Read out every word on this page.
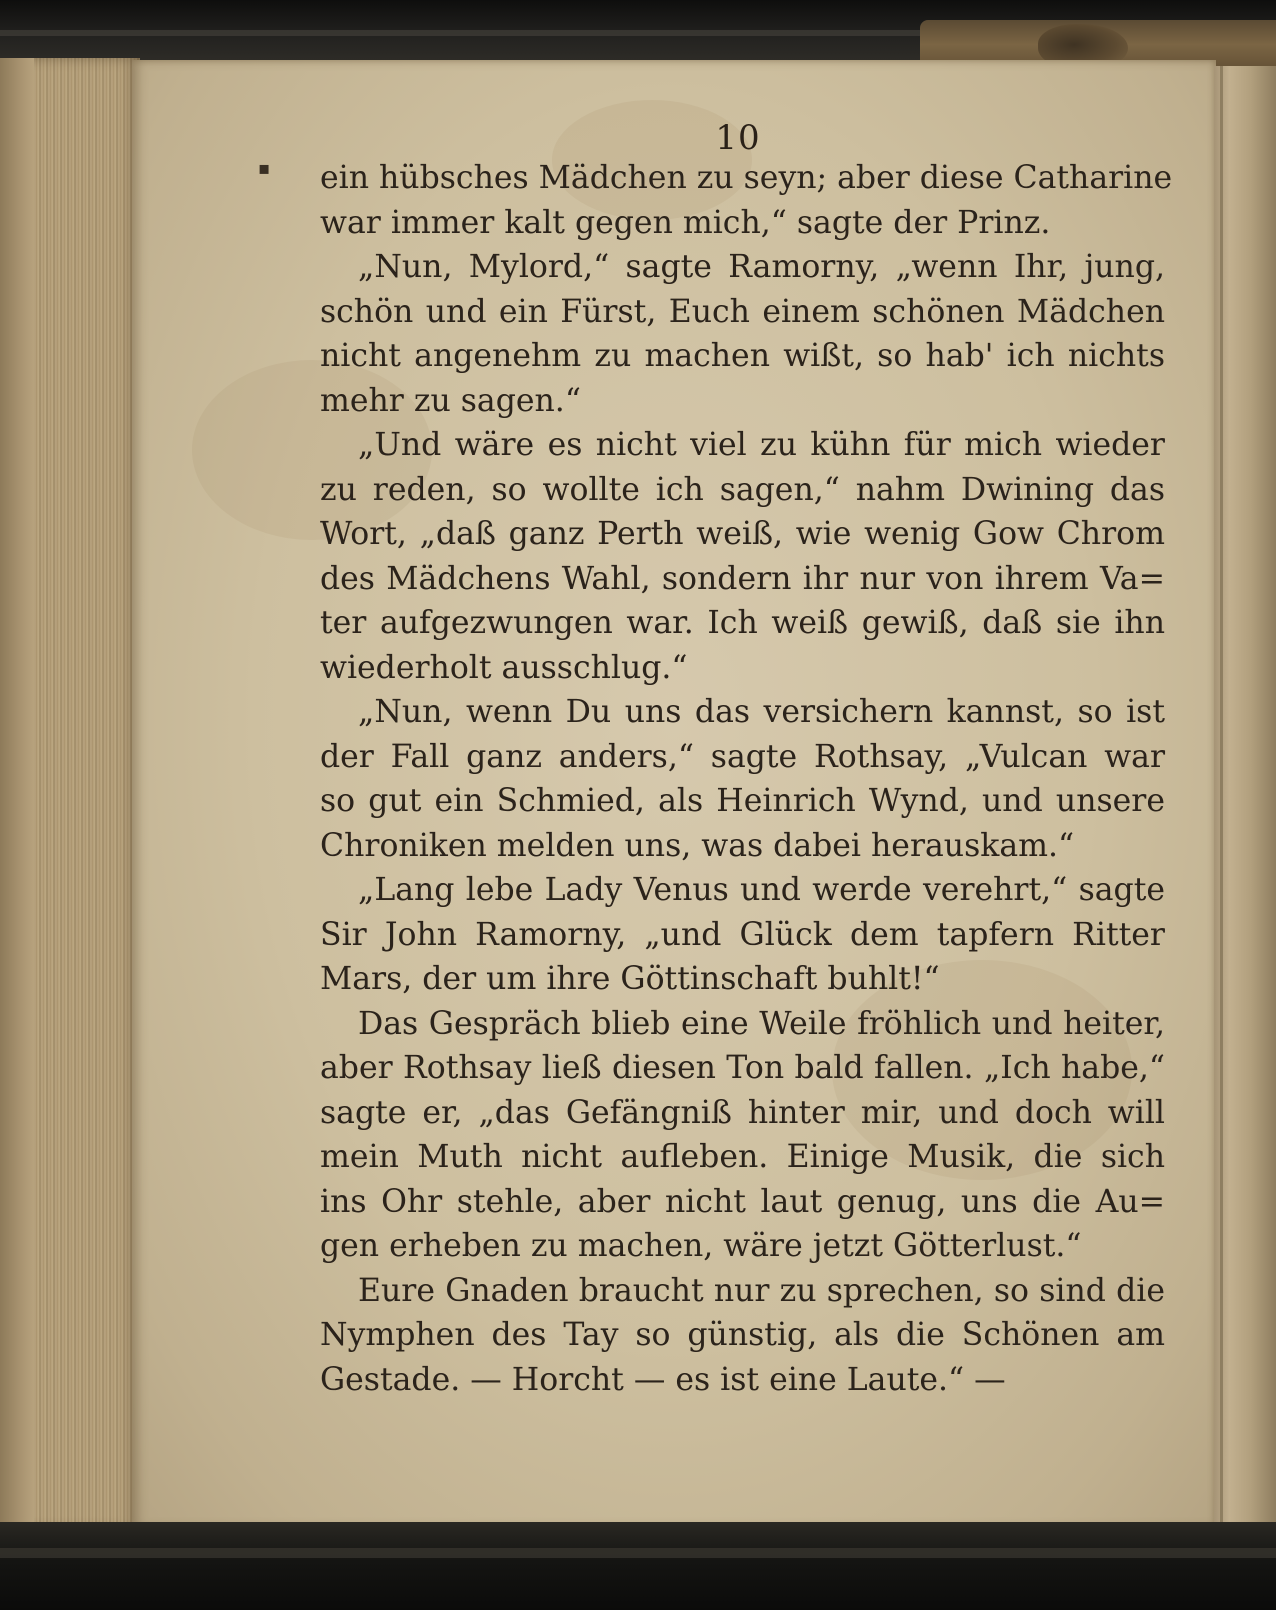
▪
10
ein hübsches Mädchen zu seyn; aber diese Catharine
war immer kalt gegen mich,“ sagte der Prinz.
„Nun, Mylord,“ sagte Ramorny, „wenn Ihr, jung,
schön und ein Fürst, Euch einem schönen Mädchen
nicht angenehm zu machen wißt, so hab' ich nichts
mehr zu sagen.“
„Und wäre es nicht viel zu kühn für mich wieder
zu reden, so wollte ich sagen,“ nahm Dwining das
Wort, „daß ganz Perth weiß, wie wenig Gow Chrom
des Mädchens Wahl, sondern ihr nur von ihrem Va=
ter aufgezwungen war. Ich weiß gewiß, daß sie ihn
wiederholt ausschlug.“
„Nun, wenn Du uns das versichern kannst, so ist
der Fall ganz anders,“ sagte Rothsay, „Vulcan war
so gut ein Schmied, als Heinrich Wynd, und unsere
Chroniken melden uns, was dabei herauskam.“
„Lang lebe Lady Venus und werde verehrt,“ sagte
Sir John Ramorny, „und Glück dem tapfern Ritter
Mars, der um ihre Göttinschaft buhlt!“
Das Gespräch blieb eine Weile fröhlich und heiter,
aber Rothsay ließ diesen Ton bald fallen. „Ich habe,“
sagte er, „das Gefängniß hinter mir, und doch will
mein Muth nicht aufleben. Einige Musik, die sich
ins Ohr stehle, aber nicht laut genug, uns die Au=
gen erheben zu machen, wäre jetzt Götterlust.“
Eure Gnaden braucht nur zu sprechen, so sind die
Nymphen des Tay so günstig, als die Schönen am
Gestade. — Horcht — es ist eine Laute.“ —
